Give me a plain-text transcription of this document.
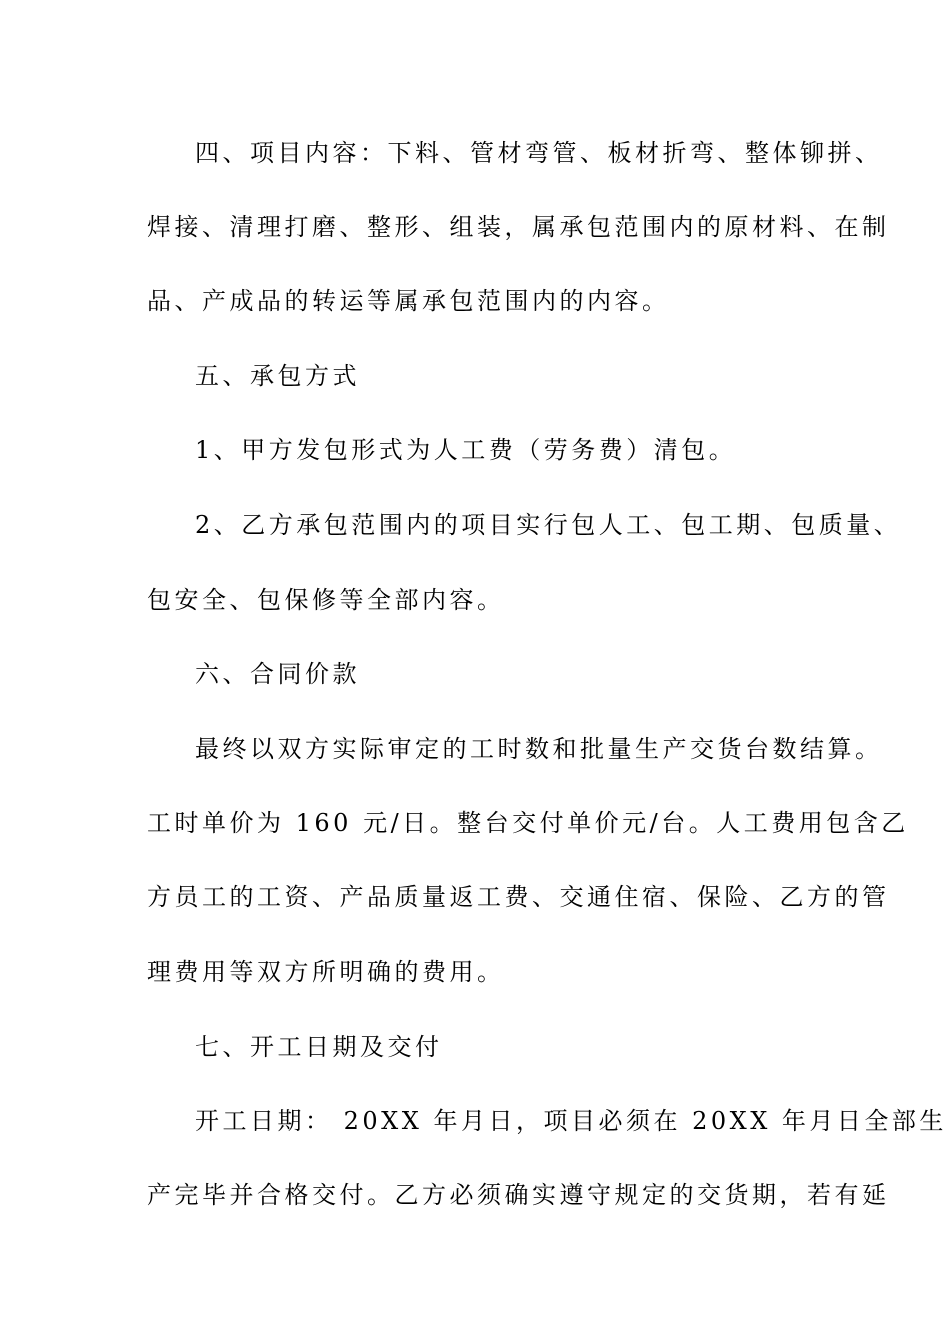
四、项目内容：下料、管材弯管、板材折弯、整体铆拼、
焊接、清理打磨、整形、组装，属承包范围内的原材料、在制
品、产成品的转运等属承包范围内的内容。
五、承包方式
1、甲方发包形式为人工费（劳务费）清包。
2、乙方承包范围内的项目实行包人工、包工期、包质量、
包安全、包保修等全部内容。
六、合同价款
最终以双方实际审定的工时数和批量生产交货台数结算。
工时单价为 160 元/日。整台交付单价元/台。人工费用包含乙
方员工的工资、产品质量返工费、交通住宿、保险、乙方的管
理费用等双方所明确的费用。
七、开工日期及交付
开工日期： 20XX 年月日，项目必须在 20XX 年月日全部生
产完毕并合格交付。乙方必须确实遵守规定的交货期，若有延
